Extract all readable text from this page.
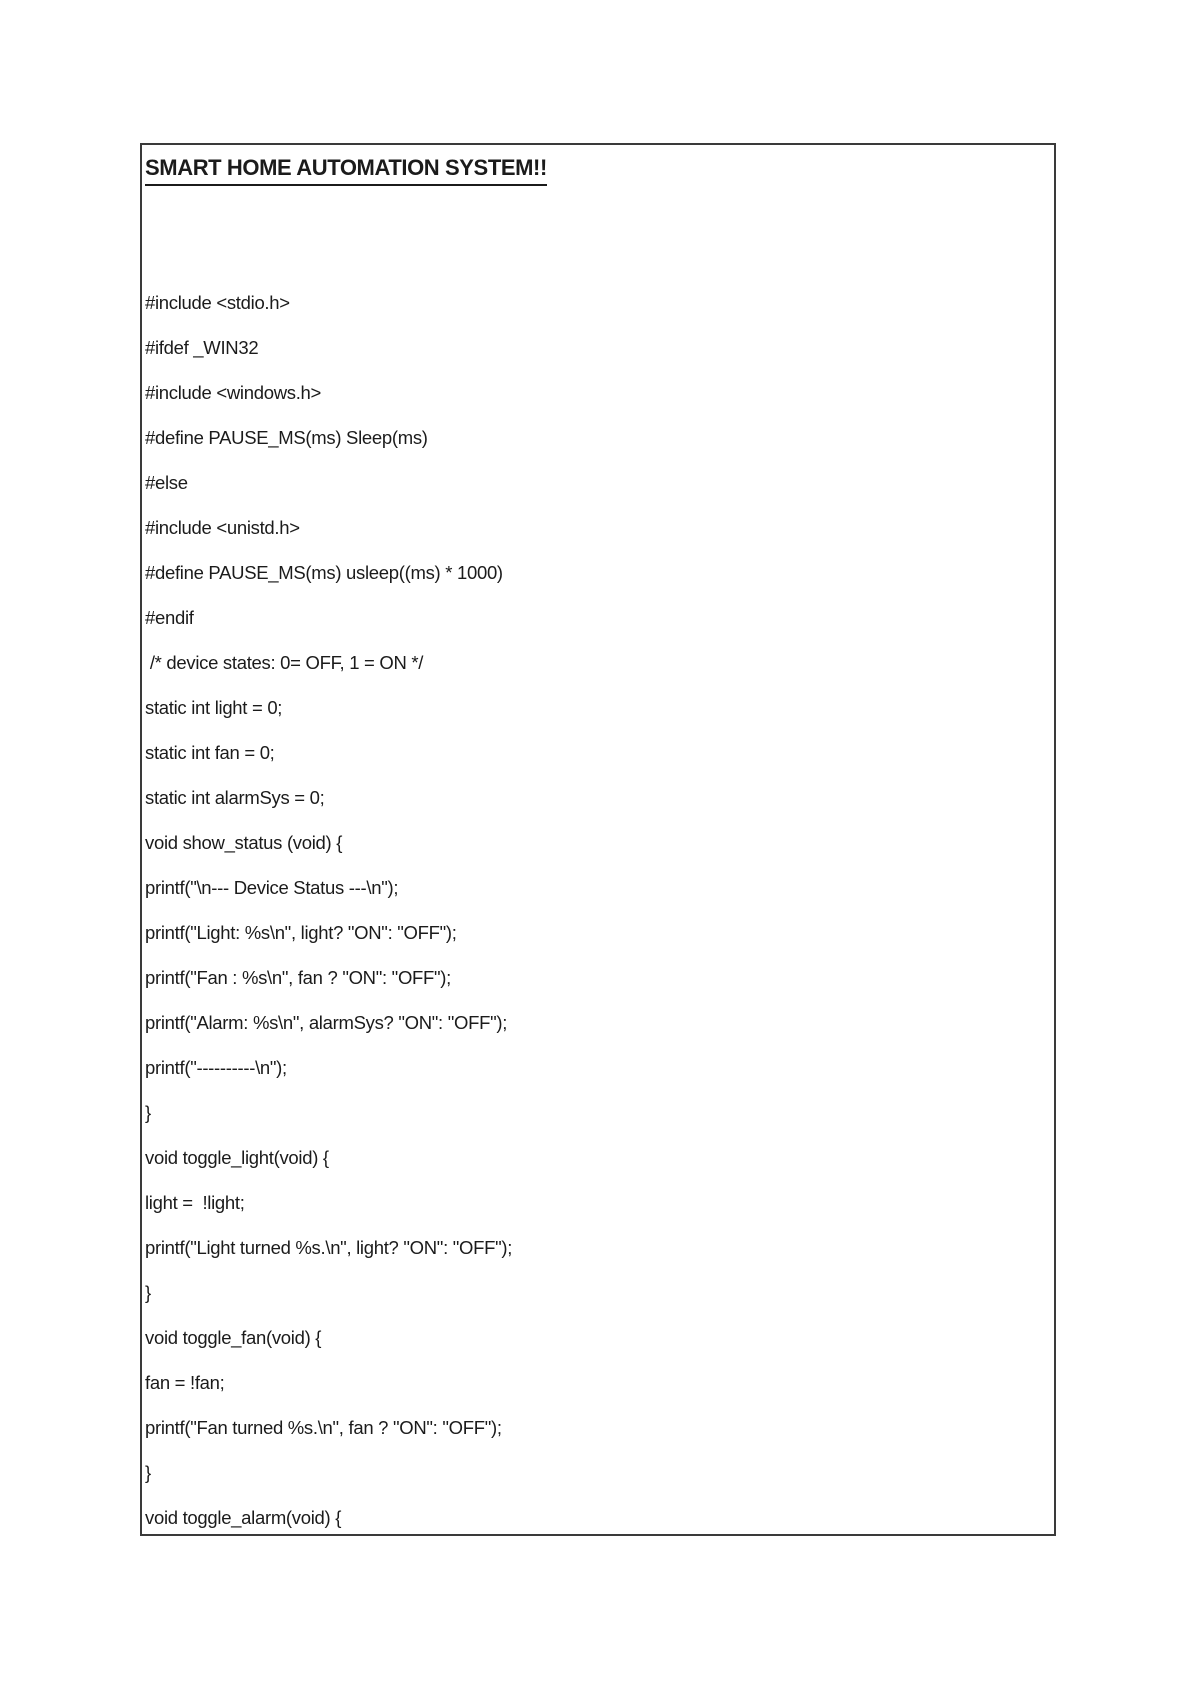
SMART HOME AUTOMATION SYSTEM!!
#include <stdio.h>
#ifdef _WIN32
#include <windows.h>
#define PAUSE_MS(ms) Sleep(ms)
#else
#include <unistd.h>
#define PAUSE_MS(ms) usleep((ms) * 1000)
#endif
/* device states: 0= OFF, 1 = ON */
static int light = 0;
static int fan = 0;
static int alarmSys = 0;
void show_status (void) {
printf("\n--- Device Status ---\n");
printf("Light: %s\n", light? "ON": "OFF");
printf("Fan : %s\n", fan ? "ON": "OFF");
printf("Alarm: %s\n", alarmSys? "ON": "OFF");
printf("----------\n");
}
void toggle_light(void) {
light =  !light;
printf("Light turned %s.\n", light? "ON": "OFF");
}
void toggle_fan(void) {
fan = !fan;
printf("Fan turned %s.\n", fan ? "ON": "OFF");
}
void toggle_alarm(void) {
